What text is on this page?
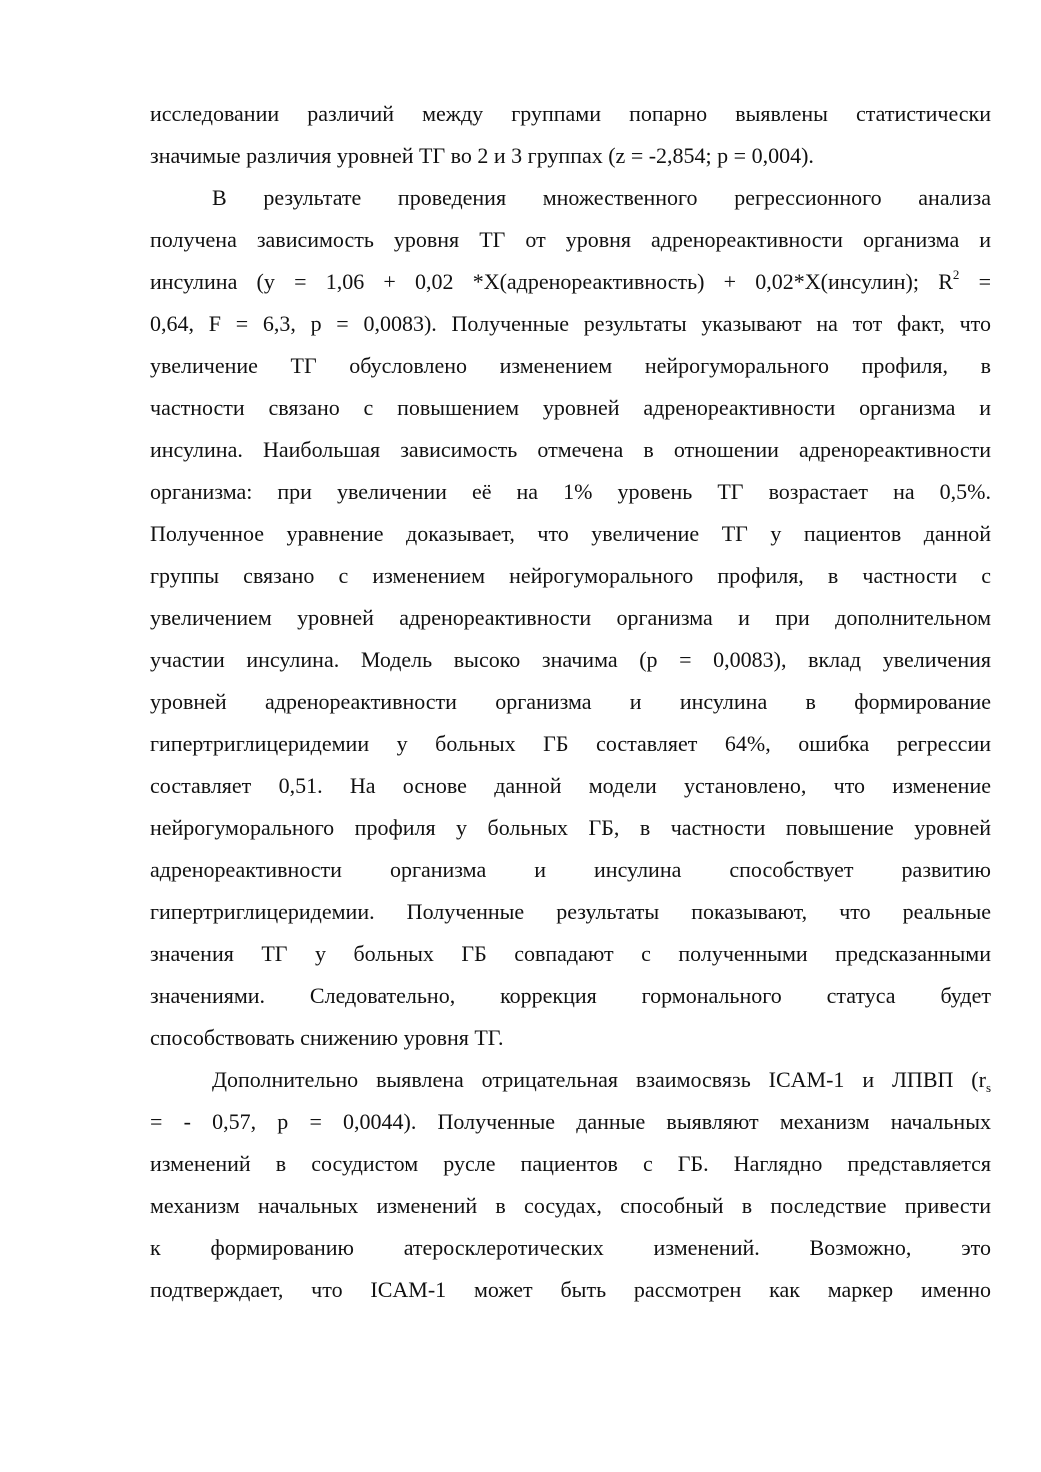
исследовании различий между группами попарно выявлены статистически
значимые различия уровней ТГ во 2 и 3 группах (z = -2,854; p = 0,004).
В результате проведения множественного регрессионного анализа
получена зависимость уровня ТГ от уровня адренореактивности организма и
инсулина (y = 1,06 + 0,02 *X(адренореактивность) + 0,02*X(инсулин); $R^2$ =
0,64, F = 6,3, p = 0,0083). Полученные результаты указывают на тот факт, что
увеличение ТГ обусловлено изменением нейрогуморального профиля, в
частности связано с повышением уровней адренореактивности организма и
инсулина. Наибольшая зависимость отмечена в отношении адренореактивности
организма: при увеличении её на 1% уровень ТГ возрастает на 0,5%.
Полученное уравнение доказывает, что увеличение ТГ у пациентов данной
группы связано с изменением нейрогуморального профиля, в частности с
увеличением уровней адренореактивности организма и при дополнительном
участии инсулина. Модель высоко значима (p = 0,0083), вклад увеличения
уровней адренореактивности организма и инсулина в формирование
гипертриглицеридемии у больных ГБ составляет 64%, ошибка регрессии
составляет 0,51. На основе данной модели установлено, что изменение
нейрогуморального профиля у больных ГБ, в частности повышение уровней
адренореактивности организма и инсулина способствует развитию
гипертриглицеридемии. Полученные результаты показывают, что реальные
значения ТГ у больных ГБ совпадают с полученными предсказанными
значениями. Следовательно, коррекция гормонального статуса будет
способствовать снижению уровня ТГ.
Дополнительно выявлена отрицательная взаимосвязь ICAM-1 и ЛПВП ($r_s$
= - 0,57, p = 0,0044). Полученные данные выявляют механизм начальных
изменений в сосудистом русле пациентов с ГБ. Наглядно представляется
механизм начальных изменений в сосудах, способный в последствие привести
к формированию атеросклеротических изменений. Возможно, это
подтверждает, что ICAM-1 может быть рассмотрен как маркер именно
